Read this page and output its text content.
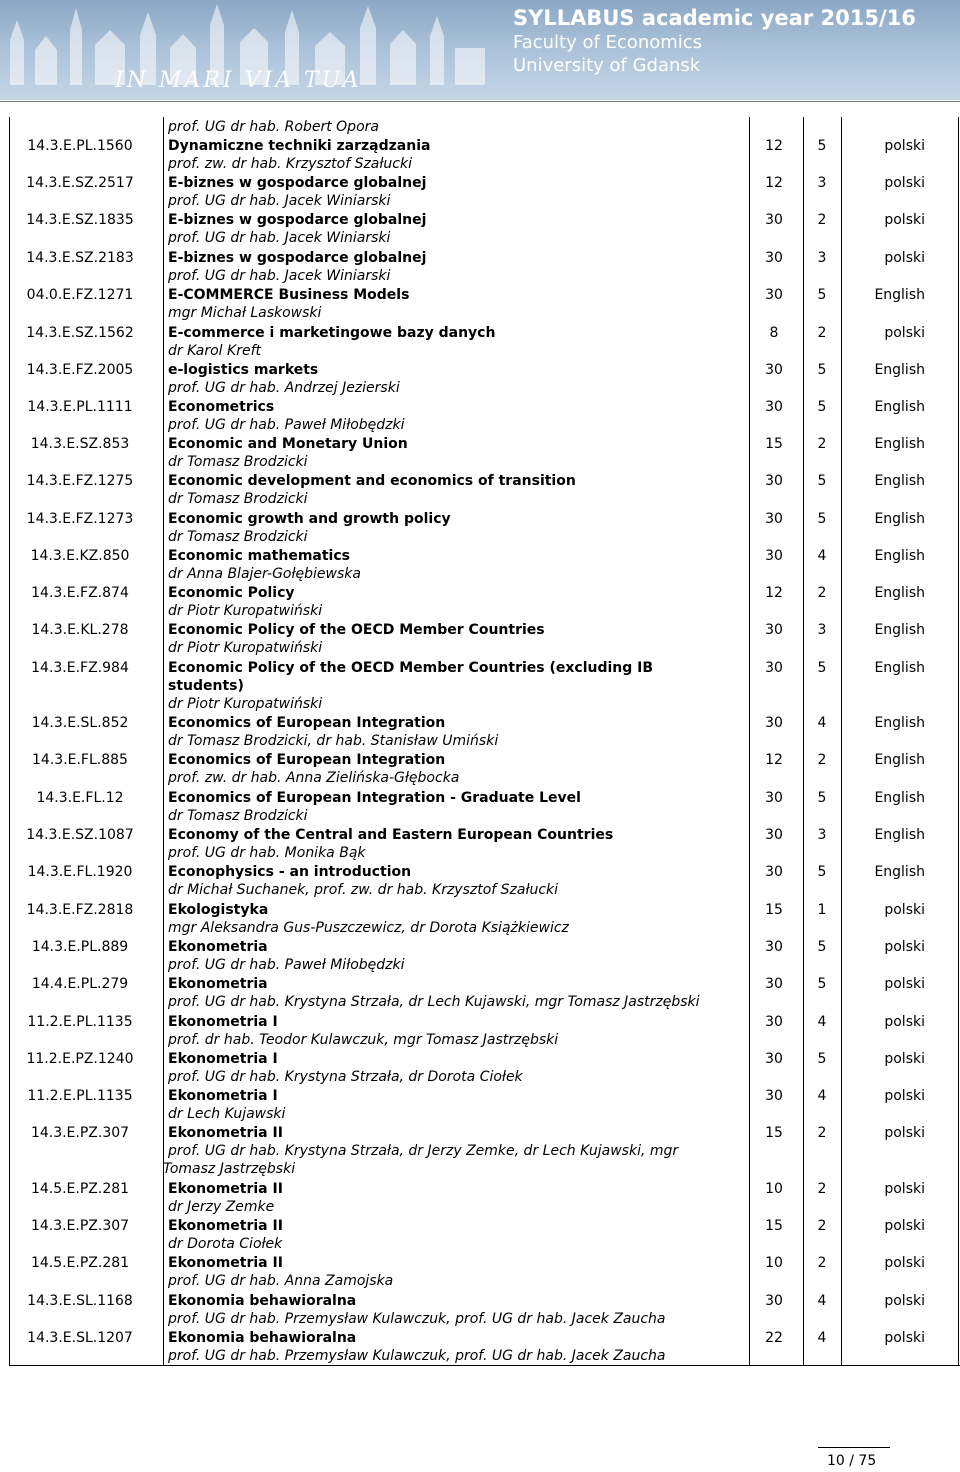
IN MARI VIA TUA
SYLLABUS academic year 2015/16
Faculty of Economics
University of Gdansk
prof. UG dr hab. Robert Opora
14.3.E.PL.1560	Dynamiczne techniki zarządzania	12	5	polski
prof. zw. dr hab. Krzysztof Szałucki
14.3.E.SZ.2517	E-biznes w gospodarce globalnej	12	3	polski
prof. UG dr hab. Jacek Winiarski
14.3.E.SZ.1835	E-biznes w gospodarce globalnej	30	2	polski
prof. UG dr hab. Jacek Winiarski
14.3.E.SZ.2183	E-biznes w gospodarce globalnej	30	3	polski
prof. UG dr hab. Jacek Winiarski
04.0.E.FZ.1271	E-COMMERCE Business Models	30	5	English
mgr Michał Laskowski
14.3.E.SZ.1562	E-commerce i marketingowe bazy danych	8	2	polski
dr Karol Kreft
14.3.E.FZ.2005	e-logistics markets	30	5	English
prof. UG dr hab. Andrzej Jezierski
14.3.E.PL.1111	Econometrics	30	5	English
prof. UG dr hab. Paweł Miłobędzki
14.3.E.SZ.853	Economic and Monetary Union	15	2	English
dr Tomasz Brodzicki
14.3.E.FZ.1275	Economic development and economics of transition	30	5	English
dr Tomasz Brodzicki
14.3.E.FZ.1273	Economic growth and growth policy	30	5	English
dr Tomasz Brodzicki
14.3.E.KZ.850	Economic mathematics	30	4	English
dr Anna Blajer-Gołębiewska
14.3.E.FZ.874	Economic Policy	12	2	English
dr Piotr Kuropatwiński
14.3.E.KL.278	Economic Policy of the OECD Member Countries	30	3	English
dr Piotr Kuropatwiński
14.3.E.FZ.984	Economic Policy of the OECD Member Countries (excluding IB	30	5	English
students)
dr Piotr Kuropatwiński
14.3.E.SL.852	Economics of European Integration	30	4	English
dr Tomasz Brodzicki, dr hab. Stanisław Umiński
14.3.E.FL.885	Economics of European Integration	12	2	English
prof. zw. dr hab. Anna Zielińska-Głębocka
14.3.E.FL.12	Economics of European Integration - Graduate Level	30	5	English
dr Tomasz Brodzicki
14.3.E.SZ.1087	Economy of the Central and Eastern European Countries	30	3	English
prof. UG dr hab. Monika Bąk
14.3.E.FL.1920	Econophysics - an introduction	30	5	English
dr Michał Suchanek, prof. zw. dr hab. Krzysztof Szałucki
14.3.E.FZ.2818	Ekologistyka	15	1	polski
mgr Aleksandra Gus-Puszczewicz, dr Dorota Książkiewicz
14.3.E.PL.889	Ekonometria	30	5	polski
prof. UG dr hab. Paweł Miłobędzki
14.4.E.PL.279	Ekonometria	30	5	polski
prof. UG dr hab. Krystyna Strzała, dr Lech Kujawski, mgr Tomasz Jastrzębski
11.2.E.PL.1135	Ekonometria I	30	4	polski
prof. dr hab. Teodor Kulawczuk, mgr Tomasz Jastrzębski
11.2.E.PZ.1240	Ekonometria I	30	5	polski
prof. UG dr hab. Krystyna Strzała, dr Dorota Ciołek
11.2.E.PL.1135	Ekonometria I	30	4	polski
dr Lech Kujawski
14.3.E.PZ.307	Ekonometria II	15	2	polski
prof. UG dr hab. Krystyna Strzała, dr Jerzy Zemke, dr Lech Kujawski, mgr
Tomasz Jastrzębski
14.5.E.PZ.281	Ekonometria II	10	2	polski
dr Jerzy Zemke
14.3.E.PZ.307	Ekonometria II	15	2	polski
dr Dorota Ciołek
14.5.E.PZ.281	Ekonometria II	10	2	polski
prof. UG dr hab. Anna Zamojska
14.3.E.SL.1168	Ekonomia behawioralna	30	4	polski
prof. UG dr hab. Przemysław Kulawczuk, prof. UG dr hab. Jacek Zaucha
14.3.E.SL.1207	Ekonomia behawioralna	22	4	polski
prof. UG dr hab. Przemysław Kulawczuk, prof. UG dr hab. Jacek Zaucha
10 / 75
